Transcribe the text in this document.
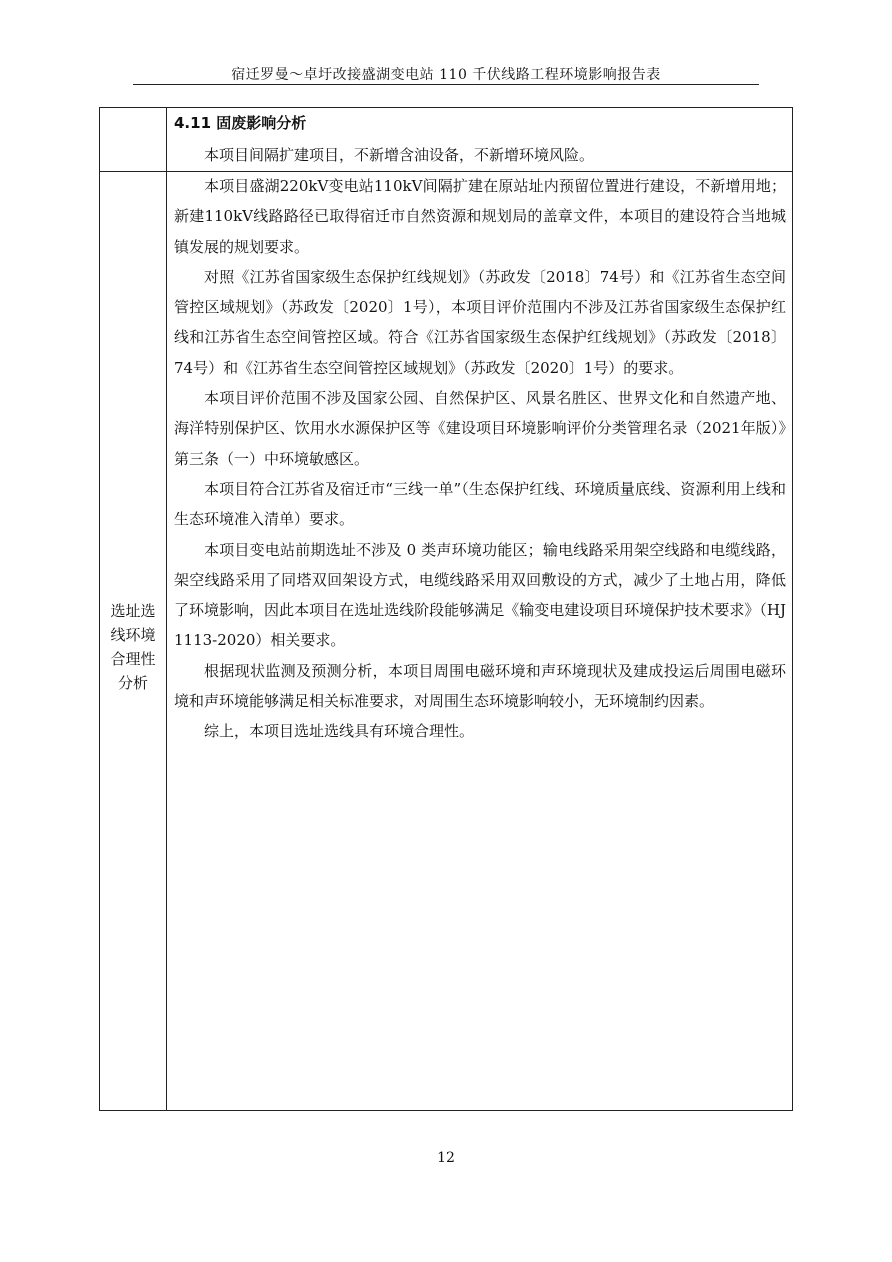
宿迁罗曼～卓圩改接盛湖变电站 110 千伏线路工程环境影响报告表
4.11 固废影响分析

本项目间隔扩建项目，不新增含油设备，不新增环境风险。

选址选
线环境
合理性
分析

本项目盛湖220kV变电站110kV间隔扩建在原站址内预留位置进行建设，不新增用地；新建110kV线路路径已取得宿迁市自然资源和规划局的盖章文件，本项目的建设符合当地城镇发展的规划要求。

对照《江苏省国家级生态保护红线规划》（苏政发〔2018〕74号）和《江苏省生态空间管控区域规划》（苏政发〔2020〕1号），本项目评价范围内不涉及江苏省国家级生态保护红线和江苏省生态空间管控区域。符合《江苏省国家级生态保护红线规划》（苏政发〔2018〕74号）和《江苏省生态空间管控区域规划》（苏政发〔2020〕1号）的要求。

本项目评价范围不涉及国家公园、自然保护区、风景名胜区、世界文化和自然遗产地、海洋特别保护区、饮用水水源保护区等《建设项目环境影响评价分类管理名录（2021年版）》第三条（一）中环境敏感区。

本项目符合江苏省及宿迁市“三线一单”（生态保护红线、环境质量底线、资源利用上线和生态环境准入清单）要求。

本项目变电站前期选址不涉及 0 类声环境功能区；输电线路采用架空线路和电缆线路，架空线路采用了同塔双回架设方式，电缆线路采用双回敷设的方式，减少了土地占用，降低了环境影响，因此本项目在选址选线阶段能够满足《输变电建设项目环境保护技术要求》（HJ 1113-2020）相关要求。

根据现状监测及预测分析，本项目周围电磁环境和声环境现状及建成投运后周围电磁环境和声环境能够满足相关标准要求，对周围生态环境影响较小，无环境制约因素。

综上，本项目选址选线具有环境合理性。

12
